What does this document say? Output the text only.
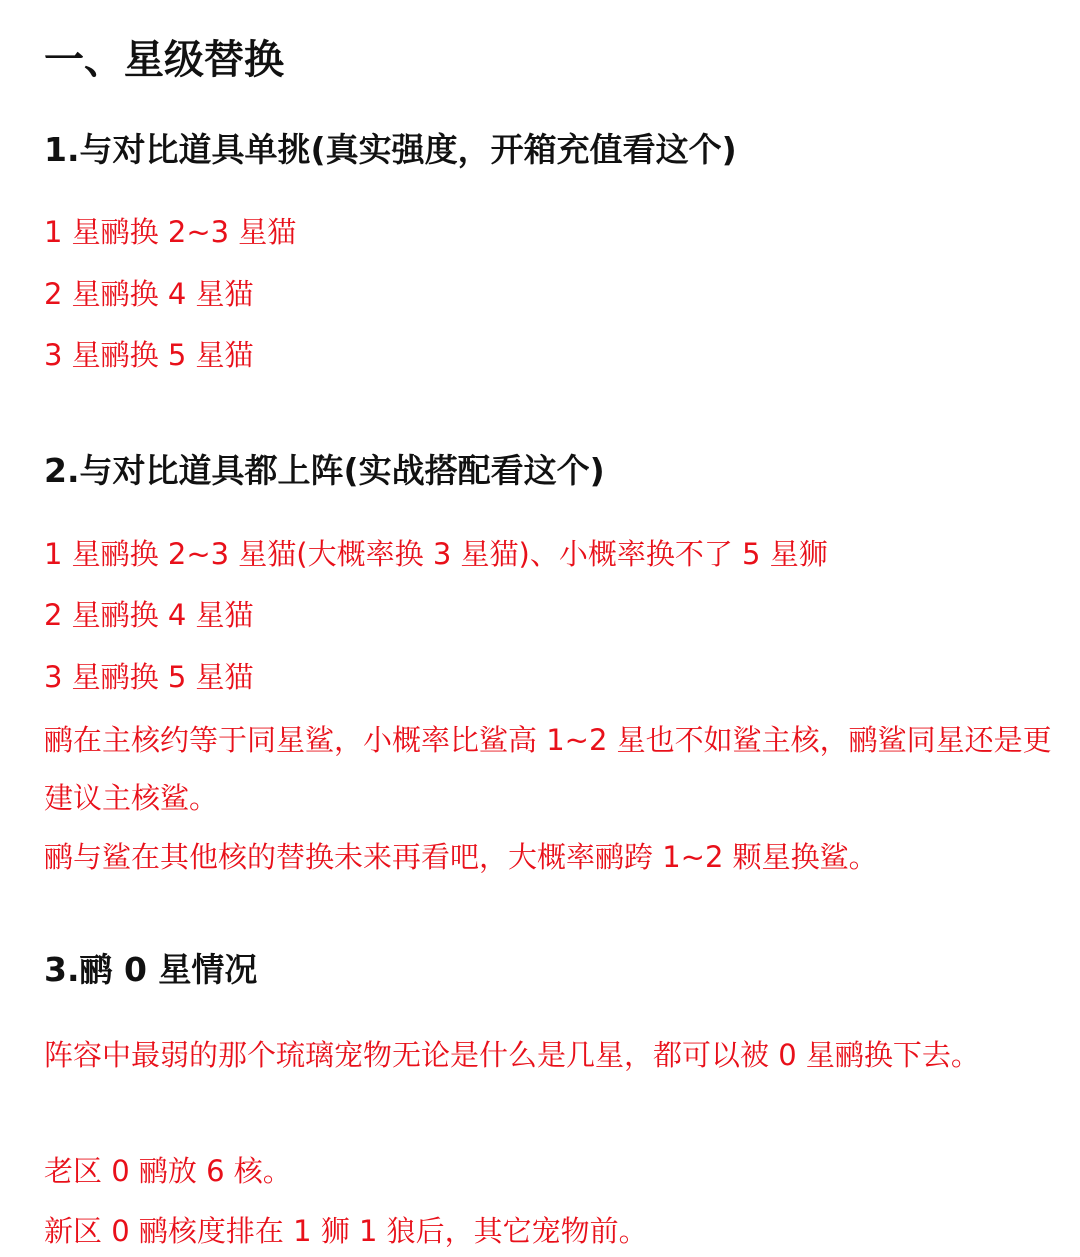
一、星级替换
1.与对比道具单挑(真实强度，开箱充值看这个)

1 星鹂换 2~3 星猫

2 星鹂换 4 星猫

3 星鹂换 5 星猫

2.与对比道具都上阵(实战搭配看这个)

1 星鹂换 2~3 星猫(大概率换 3 星猫)、小概率换不了 5 星狮

2 星鹂换 4 星猫

3 星鹂换 5 星猫

鹂在主核约等于同星鲨，小概率比鲨高 1~2 星也不如鲨主核，鹂鲨同星还是更建议主核鲨。

鹂与鲨在其他核的替换未来再看吧，大概率鹂跨 1~2 颗星换鲨。

3.鹂 0 星情况

阵容中最弱的那个琉璃宠物无论是什么是几星，都可以被 0 星鹂换下去。

老区 0 鹂放 6 核。

新区 0 鹂核度排在 1 狮 1 狼后，其它宠物前。
